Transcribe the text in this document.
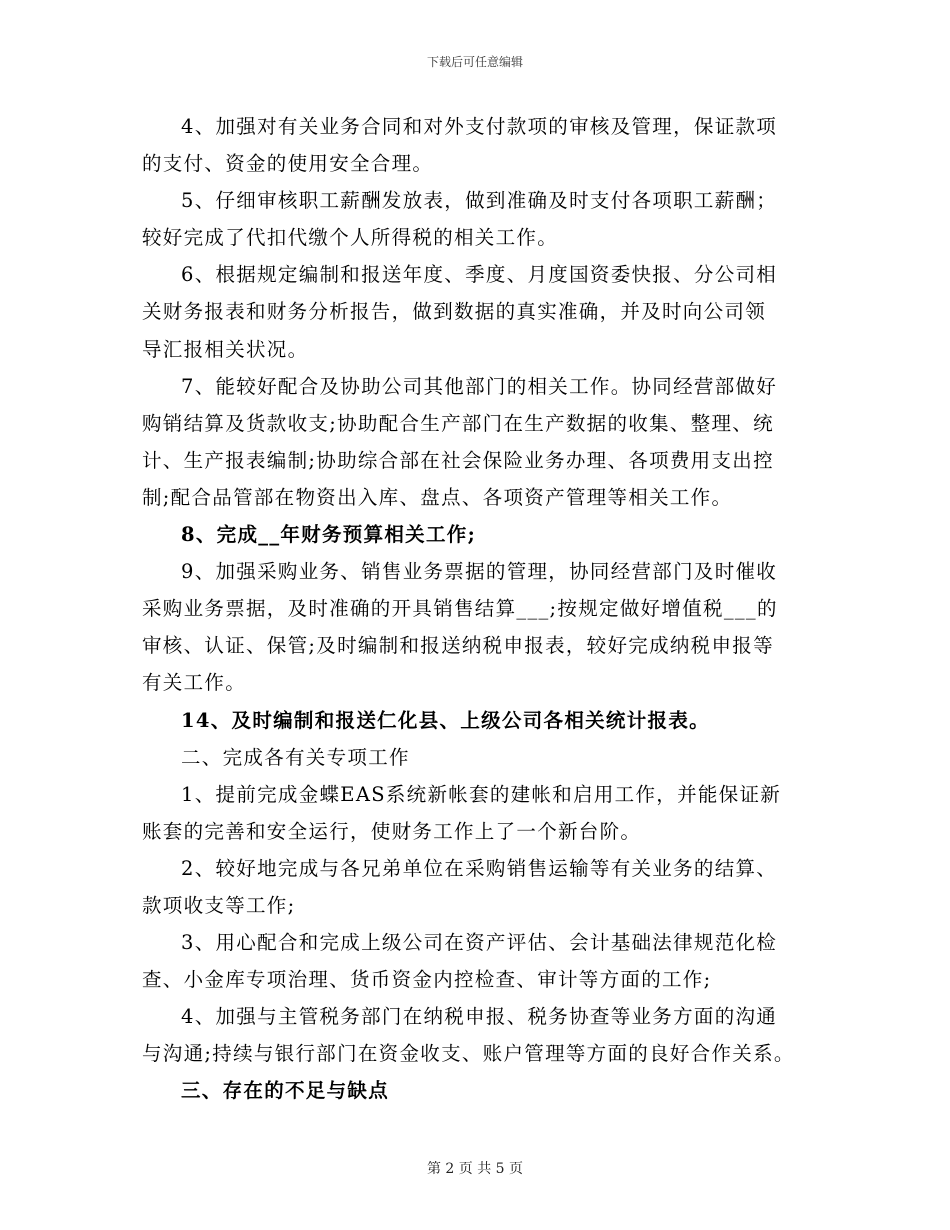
下载后可任意编辑
4、加强对有关业务合同和对外支付款项的审核及管理，保证款项
的支付、资金的使用安全合理。
5、仔细审核职工薪酬发放表，做到准确及时支付各项职工薪酬；
较好完成了代扣代缴个人所得税的相关工作。
6、根据规定编制和报送年度、季度、月度国资委快报、分公司相
关财务报表和财务分析报告，做到数据的真实准确，并及时向公司领
导汇报相关状况。
7、能较好配合及协助公司其他部门的相关工作。协同经营部做好
购销结算及货款收支;协助配合生产部门在生产数据的收集、整理、统
计、生产报表编制;协助综合部在社会保险业务办理、各项费用支出控
制;配合品管部在物资出入库、盘点、各项资产管理等相关工作。
8、完成__年财务预算相关工作;
9、加强采购业务、销售业务票据的管理，协同经营部门及时催收
采购业务票据，及时准确的开具销售结算___;按规定做好增值税___的
审核、认证、保管;及时编制和报送纳税申报表，较好完成纳税申报等
有关工作。
14、及时编制和报送仁化县、上级公司各相关统计报表。
二、完成各有关专项工作
1、提前完成金蝶EAS系统新帐套的建帐和启用工作，并能保证新
账套的完善和安全运行，使财务工作上了一个新台阶。
2、较好地完成与各兄弟单位在采购销售运输等有关业务的结算、
款项收支等工作;
3、用心配合和完成上级公司在资产评估、会计基础法律规范化检
查、小金库专项治理、货币资金内控检查、审计等方面的工作;
4、加强与主管税务部门在纳税申报、税务协查等业务方面的沟通
与沟通;持续与银行部门在资金收支、账户管理等方面的良好合作关系。
三、存在的不足与缺点
第 2 页 共 5 页
